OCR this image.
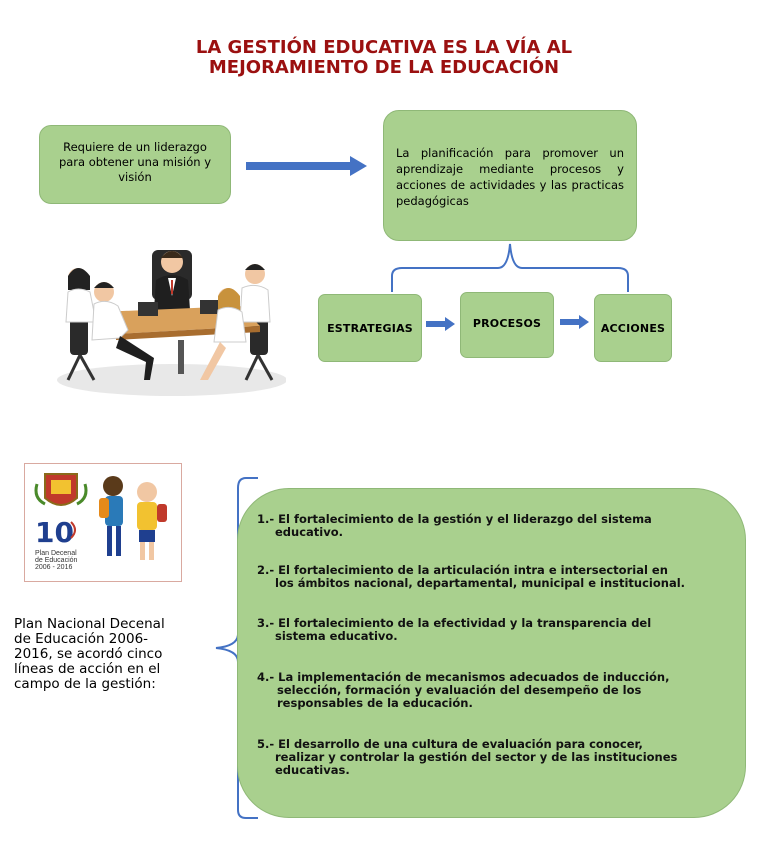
LA GESTIÓN EDUCATIVA ES LA VÍA AL
MEJORAMIENTO DE LA EDUCACIÓN
Requiere de un liderazgo
para obtener una misión y
visión
La planificación para promover un aprendizaje mediante procesos y acciones de actividades y las practicas pedagógicas
ESTRATEGIAS	PROCESOS	ACCIONES
10
Plan Decenal
de Educación
2006 - 2016
Plan Nacional Decenal
de Educación 2006-
2016, se acordó cinco
líneas de acción en el
campo de la gestión:
1.- El fortalecimiento de la gestión y el liderazgo del sistema
educativo.
2.- El fortalecimiento de la articulación intra e intersectorial en
los ámbitos nacional, departamental, municipal e institucional.
3.- El fortalecimiento de la efectividad y la transparencia del
sistema educativo.
4.- La implementación de mecanismos adecuados de inducción,
selección, formación y evaluación del desempeño de los
responsables de la educación.
5.- El desarrollo de una cultura de evaluación para conocer,
realizar y controlar la gestión del sector y de las instituciones
educativas.
